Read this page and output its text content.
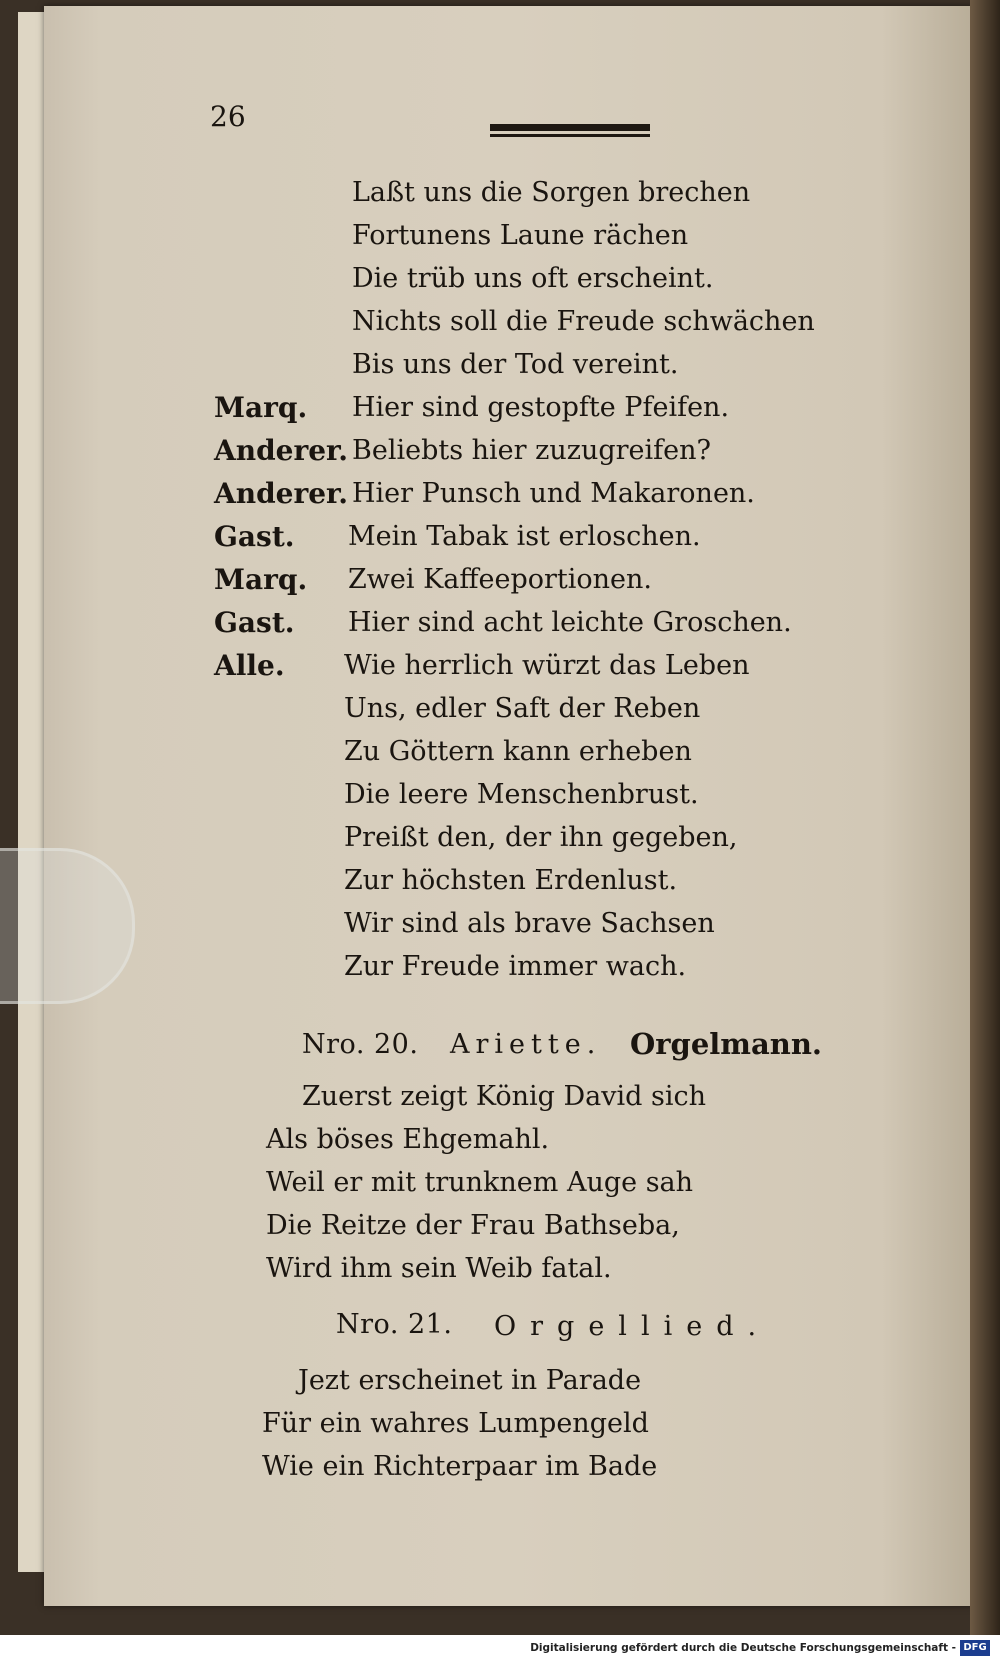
26
Laßt uns die Sorgen brechen
Fortunens Laune rächen
Die trüb uns oft erscheint.
Nichts soll die Freude schwächen
Bis uns der Tod vereint.
Marq. Hier sind gestopfte Pfeifen.
Anderer. Beliebts hier zuzugreifen?
Anderer. Hier Punsch und Makaronen.
Gast. Mein Tabak ist erloschen.
Marq. Zwei Kaffeeportionen.
Gast. Hier sind acht leichte Groschen.
Alle. Wie herrlich würzt das Leben
Uns, edler Saft der Reben
Zu Göttern kann erheben
Die leere Menschenbrust.
Preißt den, der ihn gegeben,
Zur höchsten Erdenlust.
Wir sind als brave Sachsen
Zur Freude immer wach.
Nro. 20. Ariette. Orgelmann.
Zuerst zeigt König David sich
Als böses Ehgemahl.
Weil er mit trunknem Auge sah
Die Reitze der Frau Bathseba,
Wird ihm sein Weib fatal.
Nro. 21. Orgellied.
Jezt erscheinet in Parade
Für ein wahres Lumpengeld
Wie ein Richterpaar im Bade
Digitalisierung gefördert durch die Deutsche Forschungsgemeinschaft - DFG
